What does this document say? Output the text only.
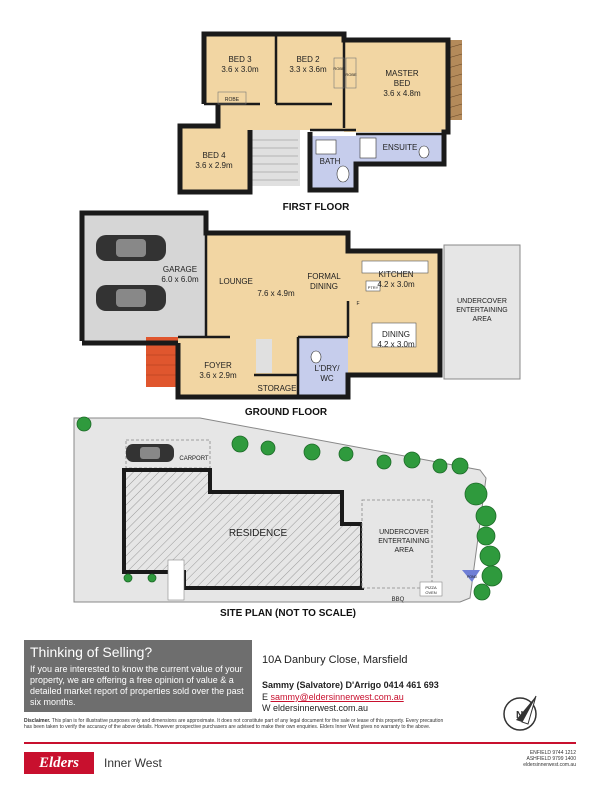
BED 3
3.6 x 3.0m
BED 2
3.3 x 3.6m	MASTER
BED
3.6 x 4.8m
ROBE
ROBE
ROBE
BED 4
3.6 x 2.9m	BATH
ENSUITE
FIRST FLOOR
GARAGE
6.0 x 6.0m	LOUNGE
7.6 x 4.9m
FORMAL
DINING
KITCHEN
4.2 x 3.0m
PTRY
F
DINING
4.2 x 3.0m
UNDERCOVER
ENTERTAINING
AREA
FOYER
3.6 x 2.9m
STORAGE
L'DRY/
WC
GROUND FLOOR
CARPORT
RESIDENCE	UNDERCOVER
ENTERTAINING
AREA
BBQ
PIZZA
OVEN
POND
SITE PLAN (NOT TO SCALE)
Thinking of Selling?
If you are interested to know the current value of your property, we are offering a free opinion of value & a detailed market report of properties sold over the past six months.
10A Danbury Close, Marsfield
Sammy (Salvatore) D'Arrigo 0414 461 693
E sammy@eldersinnerwest.com.au
W eldersinnerwest.com.au
N
Disclaimer. This plan is for illustrative purposes only and dimensions are approximate. It does not constitute part of any legal document for the sale or lease of this property. Every precaution has been taken to verify the accuracy of the above details. However prospective purchasers are advised to make their own enquiries. Elders Inner West gives no warranty to the above.
Elders	Inner West
ENFIELD 9744 1212
ASHFIELD 9799 1400
eldersinnerwest.com.au
